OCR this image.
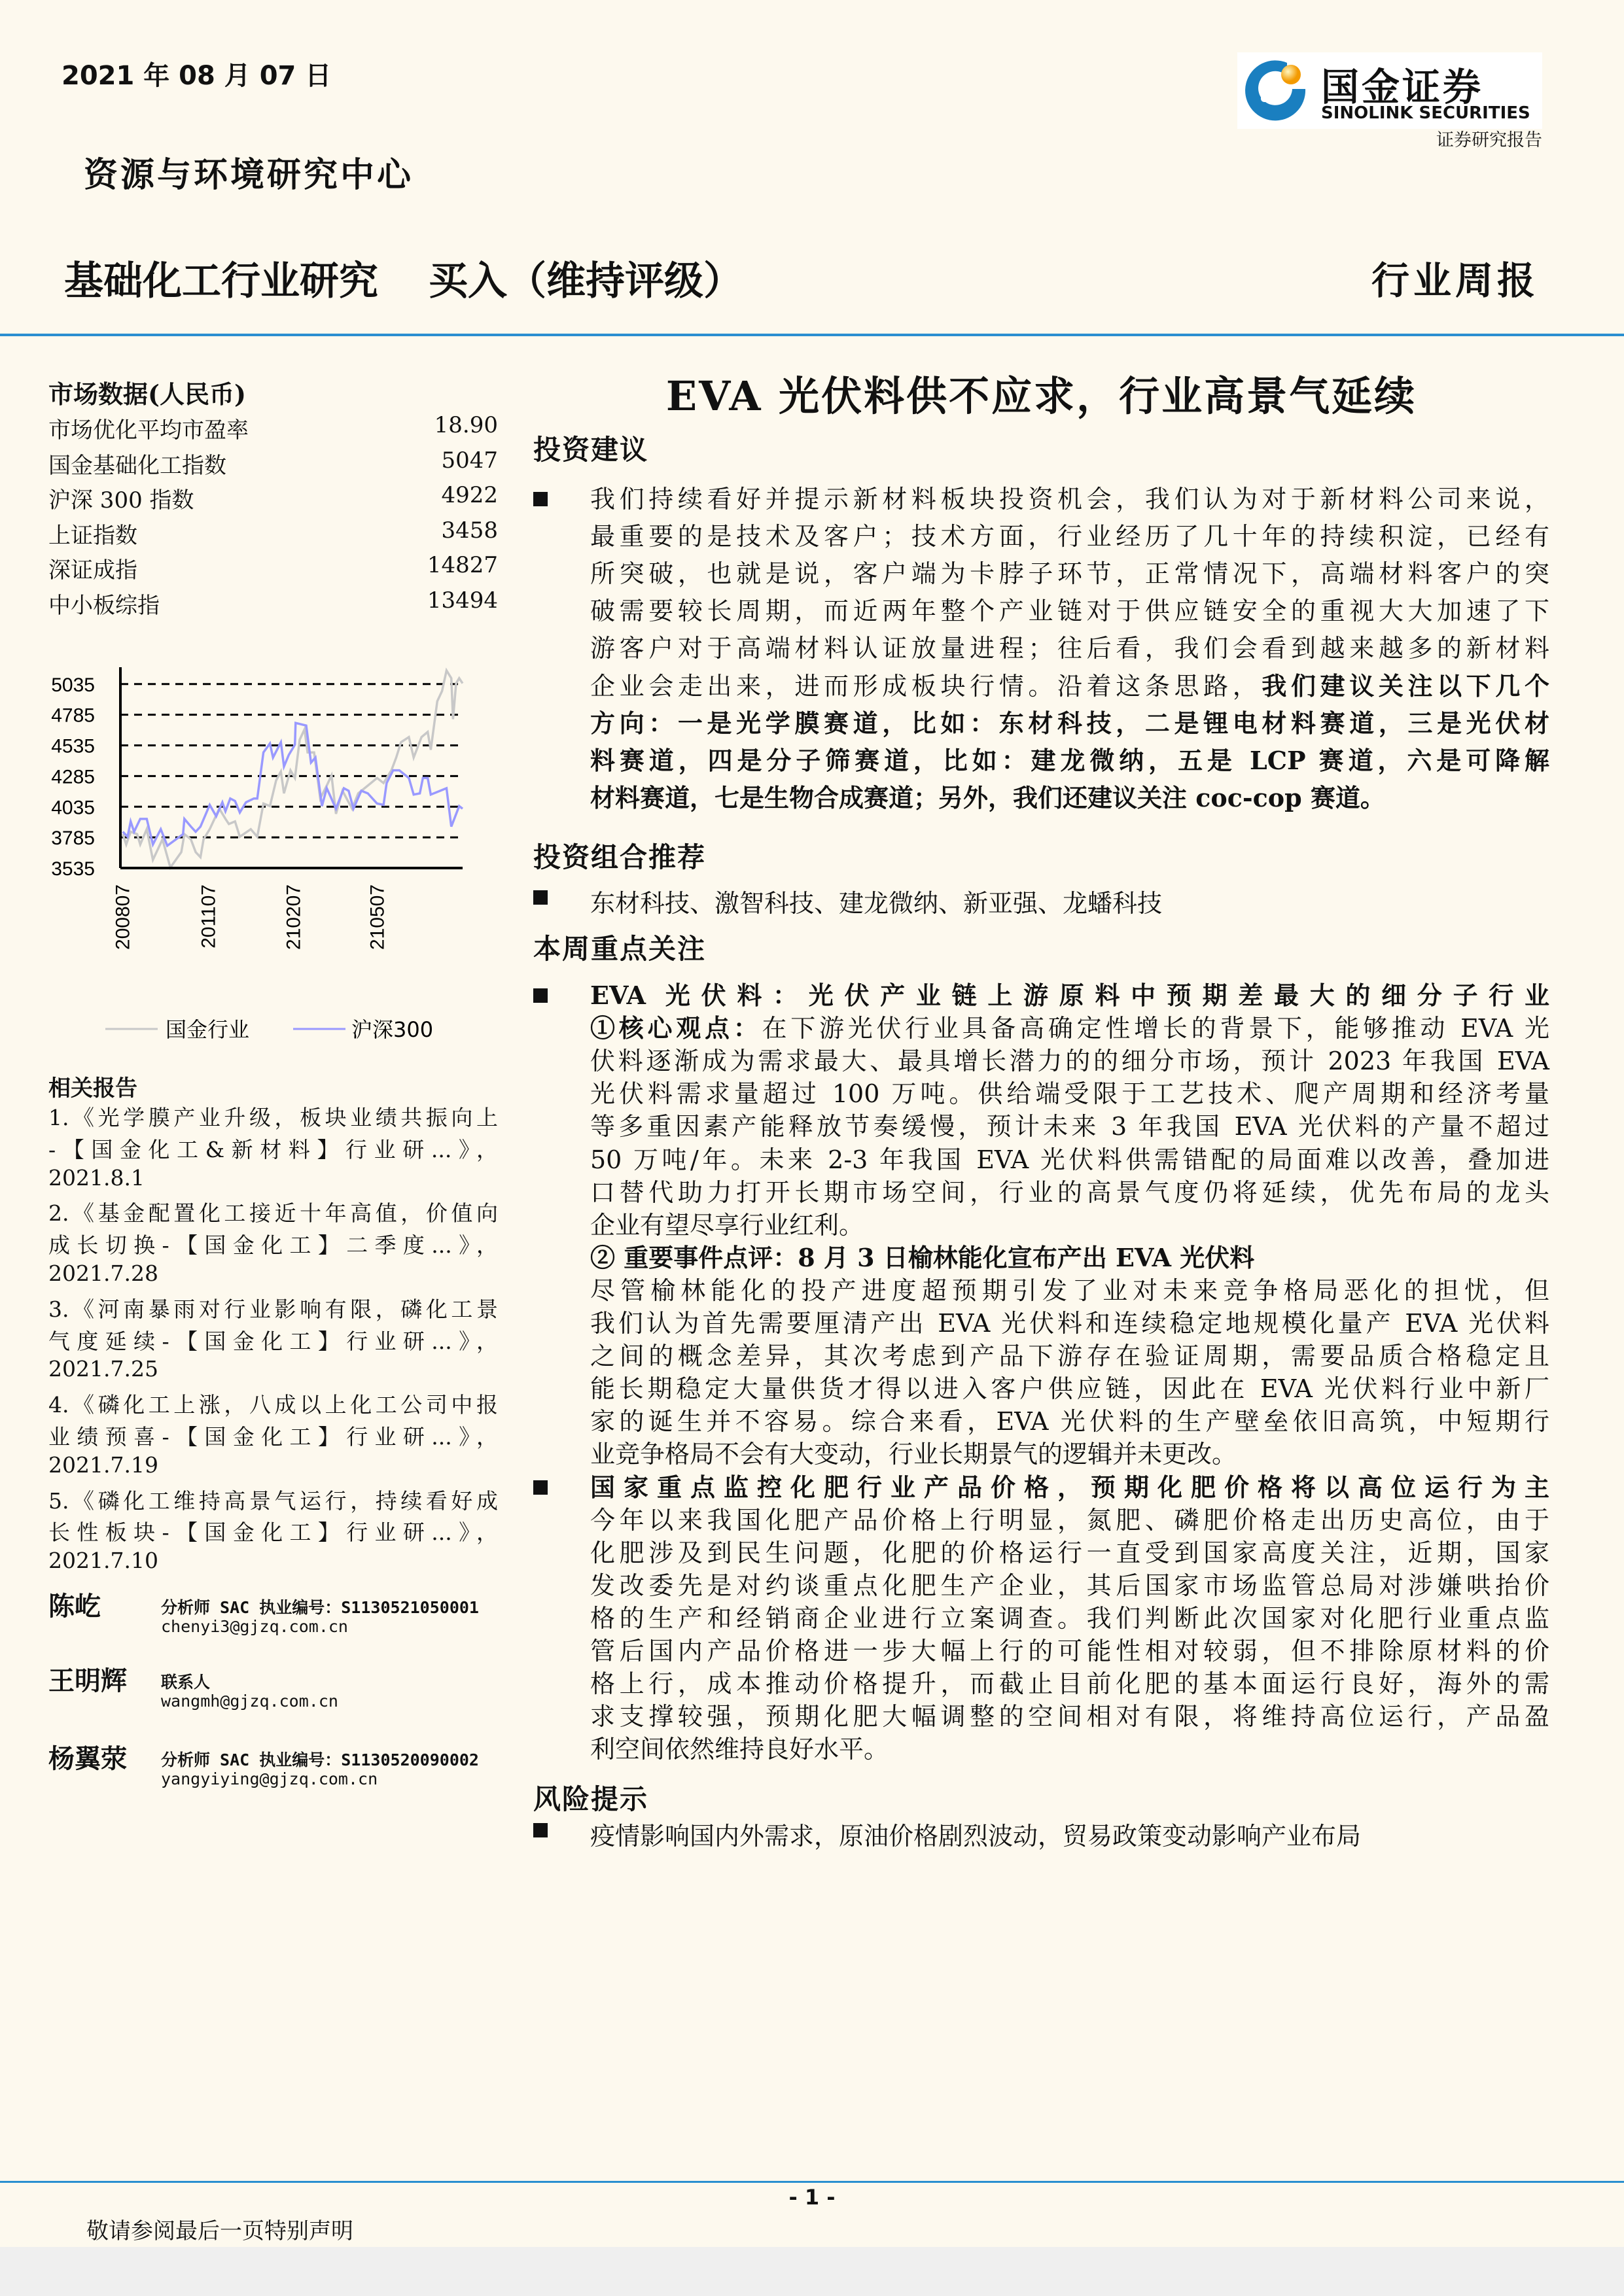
2021 年 08 月 07 日
资源与环境研究中心
基础化工行业研究 买入（维持评级）	行业周报
国金证券
SINOLINK SECURITIES
证券研究报告
市场数据(人民币)
5035
4785
4535
4285
4035
3785
3535
200807	201107	210207	210507
国金行业	沪深300
相关报告
EVA 光伏料供不应求，行业高景气延续
投资建议
投资组合推荐
东材科技、激智科技、建龙微纳、新亚强、龙蟠科技
本周重点关注
风险提示
疫情影响国内外需求，原油价格剧烈波动，贸易政策变动影响产业布局
- 1 -
敬请参阅最后一页特别声明
市场优化平均市盈率	18.90
国金基础化工指数	5047
沪深 300 指数	4922
上证指数	3458
深证成指	14827
中小板综指	13494
1.《光学膜产业升级，板块业绩共振向上
-【国金化工&新材料】行业研...》，
2021.8.1
2.《基金配置化工接近十年高值，价值向
成长切换-【国金化工】二季度...》，
2021.7.28
3.《河南暴雨对行业影响有限，磷化工景
气度延续-【国金化工】行业研...》，
2021.7.25
4.《磷化工上涨，八成以上化工公司中报
业绩预喜-【国金化工】行业研...》，
2021.7.19
5.《磷化工维持高景气运行，持续看好成
长性板块-【国金化工】行业研...》，
2021.7.10
陈屹	分析师 SAC 执业编号：S1130521050001
chenyi3@gjzq.com.cn
王明辉 联系人
wangmh@gjzq.com.cn
杨翼荥 分析师 SAC 执业编号：S1130520090002
yangyiying@gjzq.com.cn
我们持续看好并提示新材料板块投资机会，我们认为对于新材料公司来说，
最重要的是技术及客户；技术方面，行业经历了几十年的持续积淀，已经有
所突破，也就是说，客户端为卡脖子环节，正常情况下，高端材料客户的突
破需要较长周期，而近两年整个产业链对于供应链安全的重视大大加速了下
游客户对于高端材料认证放量进程；往后看，我们会看到越来越多的新材料
企业会走出来，进而形成板块行情。沿着这条思路，我们建议关注以下几个
方向：一是光学膜赛道，比如：东材科技，二是锂电材料赛道，三是光伏材
料赛道，四是分子筛赛道，比如：建龙微纳，五是 LCP 赛道，六是可降解
材料赛道，七是生物合成赛道；另外，我们还建议关注 coc-cop 赛道。
EVA 光伏料：光伏产业链上游原料中预期差最大的细分子行业
①核心观点：在下游光伏行业具备高确定性增长的背景下，能够推动 EVA 光
伏料逐渐成为需求最大、最具增长潜力的的细分市场，预计 2023 年我国 EVA
光伏料需求量超过 100 万吨。供给端受限于工艺技术、爬产周期和经济考量
等多重因素产能释放节奏缓慢，预计未来 3 年我国 EVA 光伏料的产量不超过
50 万吨/年。未来 2-3 年我国 EVA 光伏料供需错配的局面难以改善，叠加进
口替代助力打开长期市场空间，行业的高景气度仍将延续，优先布局的龙头
企业有望尽享行业红利。
② 重要事件点评：8 月 3 日榆林能化宣布产出 EVA 光伏料
尽管榆林能化的投产进度超预期引发了业对未来竞争格局恶化的担忧，但
我们认为首先需要厘清产出 EVA 光伏料和连续稳定地规模化量产 EVA 光伏料
之间的概念差异，其次考虑到产品下游存在验证周期，需要品质合格稳定且
能长期稳定大量供货才得以进入客户供应链，因此在 EVA 光伏料行业中新厂
家的诞生并不容易。综合来看，EVA 光伏料的生产壁垒依旧高筑，中短期行
业竞争格局不会有大变动，行业长期景气的逻辑并未更改。
国家重点监控化肥行业产品价格，预期化肥价格将以高位运行为主
今年以来我国化肥产品价格上行明显，氮肥、磷肥价格走出历史高位，由于
化肥涉及到民生问题，化肥的价格运行一直受到国家高度关注，近期，国家
发改委先是对约谈重点化肥生产企业，其后国家市场监管总局对涉嫌哄抬价
格的生产和经销商企业进行立案调查。我们判断此次国家对化肥行业重点监
管后国内产品价格进一步大幅上行的可能性相对较弱，但不排除原材料的价
格上行，成本推动价格提升，而截止目前化肥的基本面运行良好，海外的需
求支撑较强，预期化肥大幅调整的空间相对有限，将维持高位运行，产品盈
利空间依然维持良好水平。
